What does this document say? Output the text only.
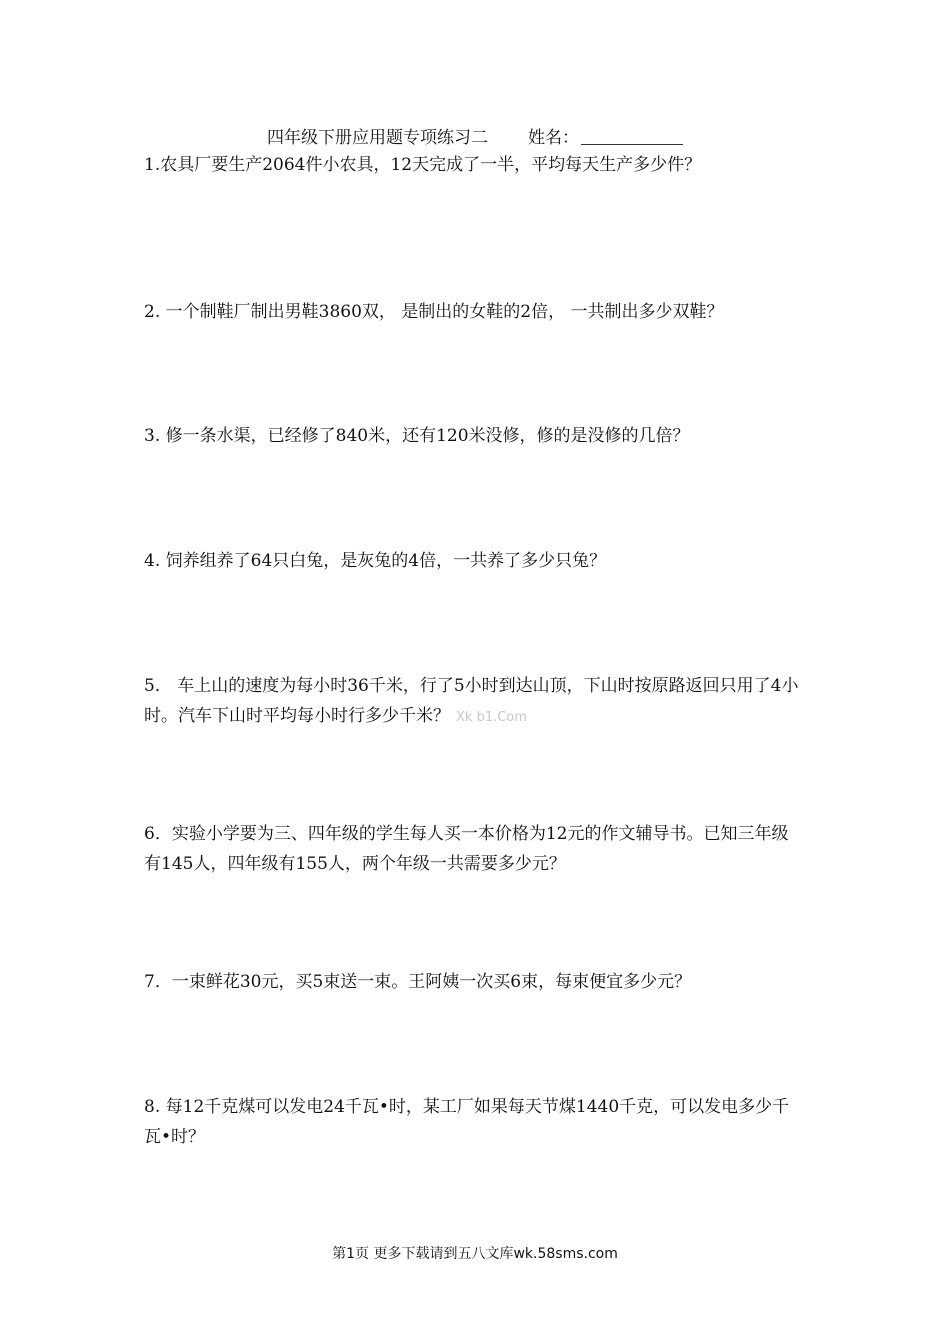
四年级下册应用题专项练习二 姓名：

1.农具厂要生产2064件小农具，12天完成了一半，平均每天生产多少件？

2. 一个制鞋厂制出男鞋3860双， 是制出的女鞋的2倍， 一共制出多少双鞋？

3. 修一条水渠，已经修了840米，还有120米没修，修的是没修的几倍？

4. 饲养组养了64只白兔，是灰兔的4倍，一共养了多少只兔？

5． 车上山的速度为每小时36千米，行了5小时到达山顶，下山时按原路返回只用了4小时。汽车下山时平均每小时行多少千米？ Xk b1.Com

6．实验小学要为三、四年级的学生每人买一本价格为12元的作文辅导书。已知三年级有145人，四年级有155人，两个年级一共需要多少元？

7．一束鲜花30元，买5束送一束。王阿姨一次买6束，每束便宜多少元？

8. 每12千克煤可以发电24千瓦•时，某工厂如果每天节煤1440千克，可以发电多少千瓦•时？

第1页 更多下载请到五八文库wk.58sms.com
